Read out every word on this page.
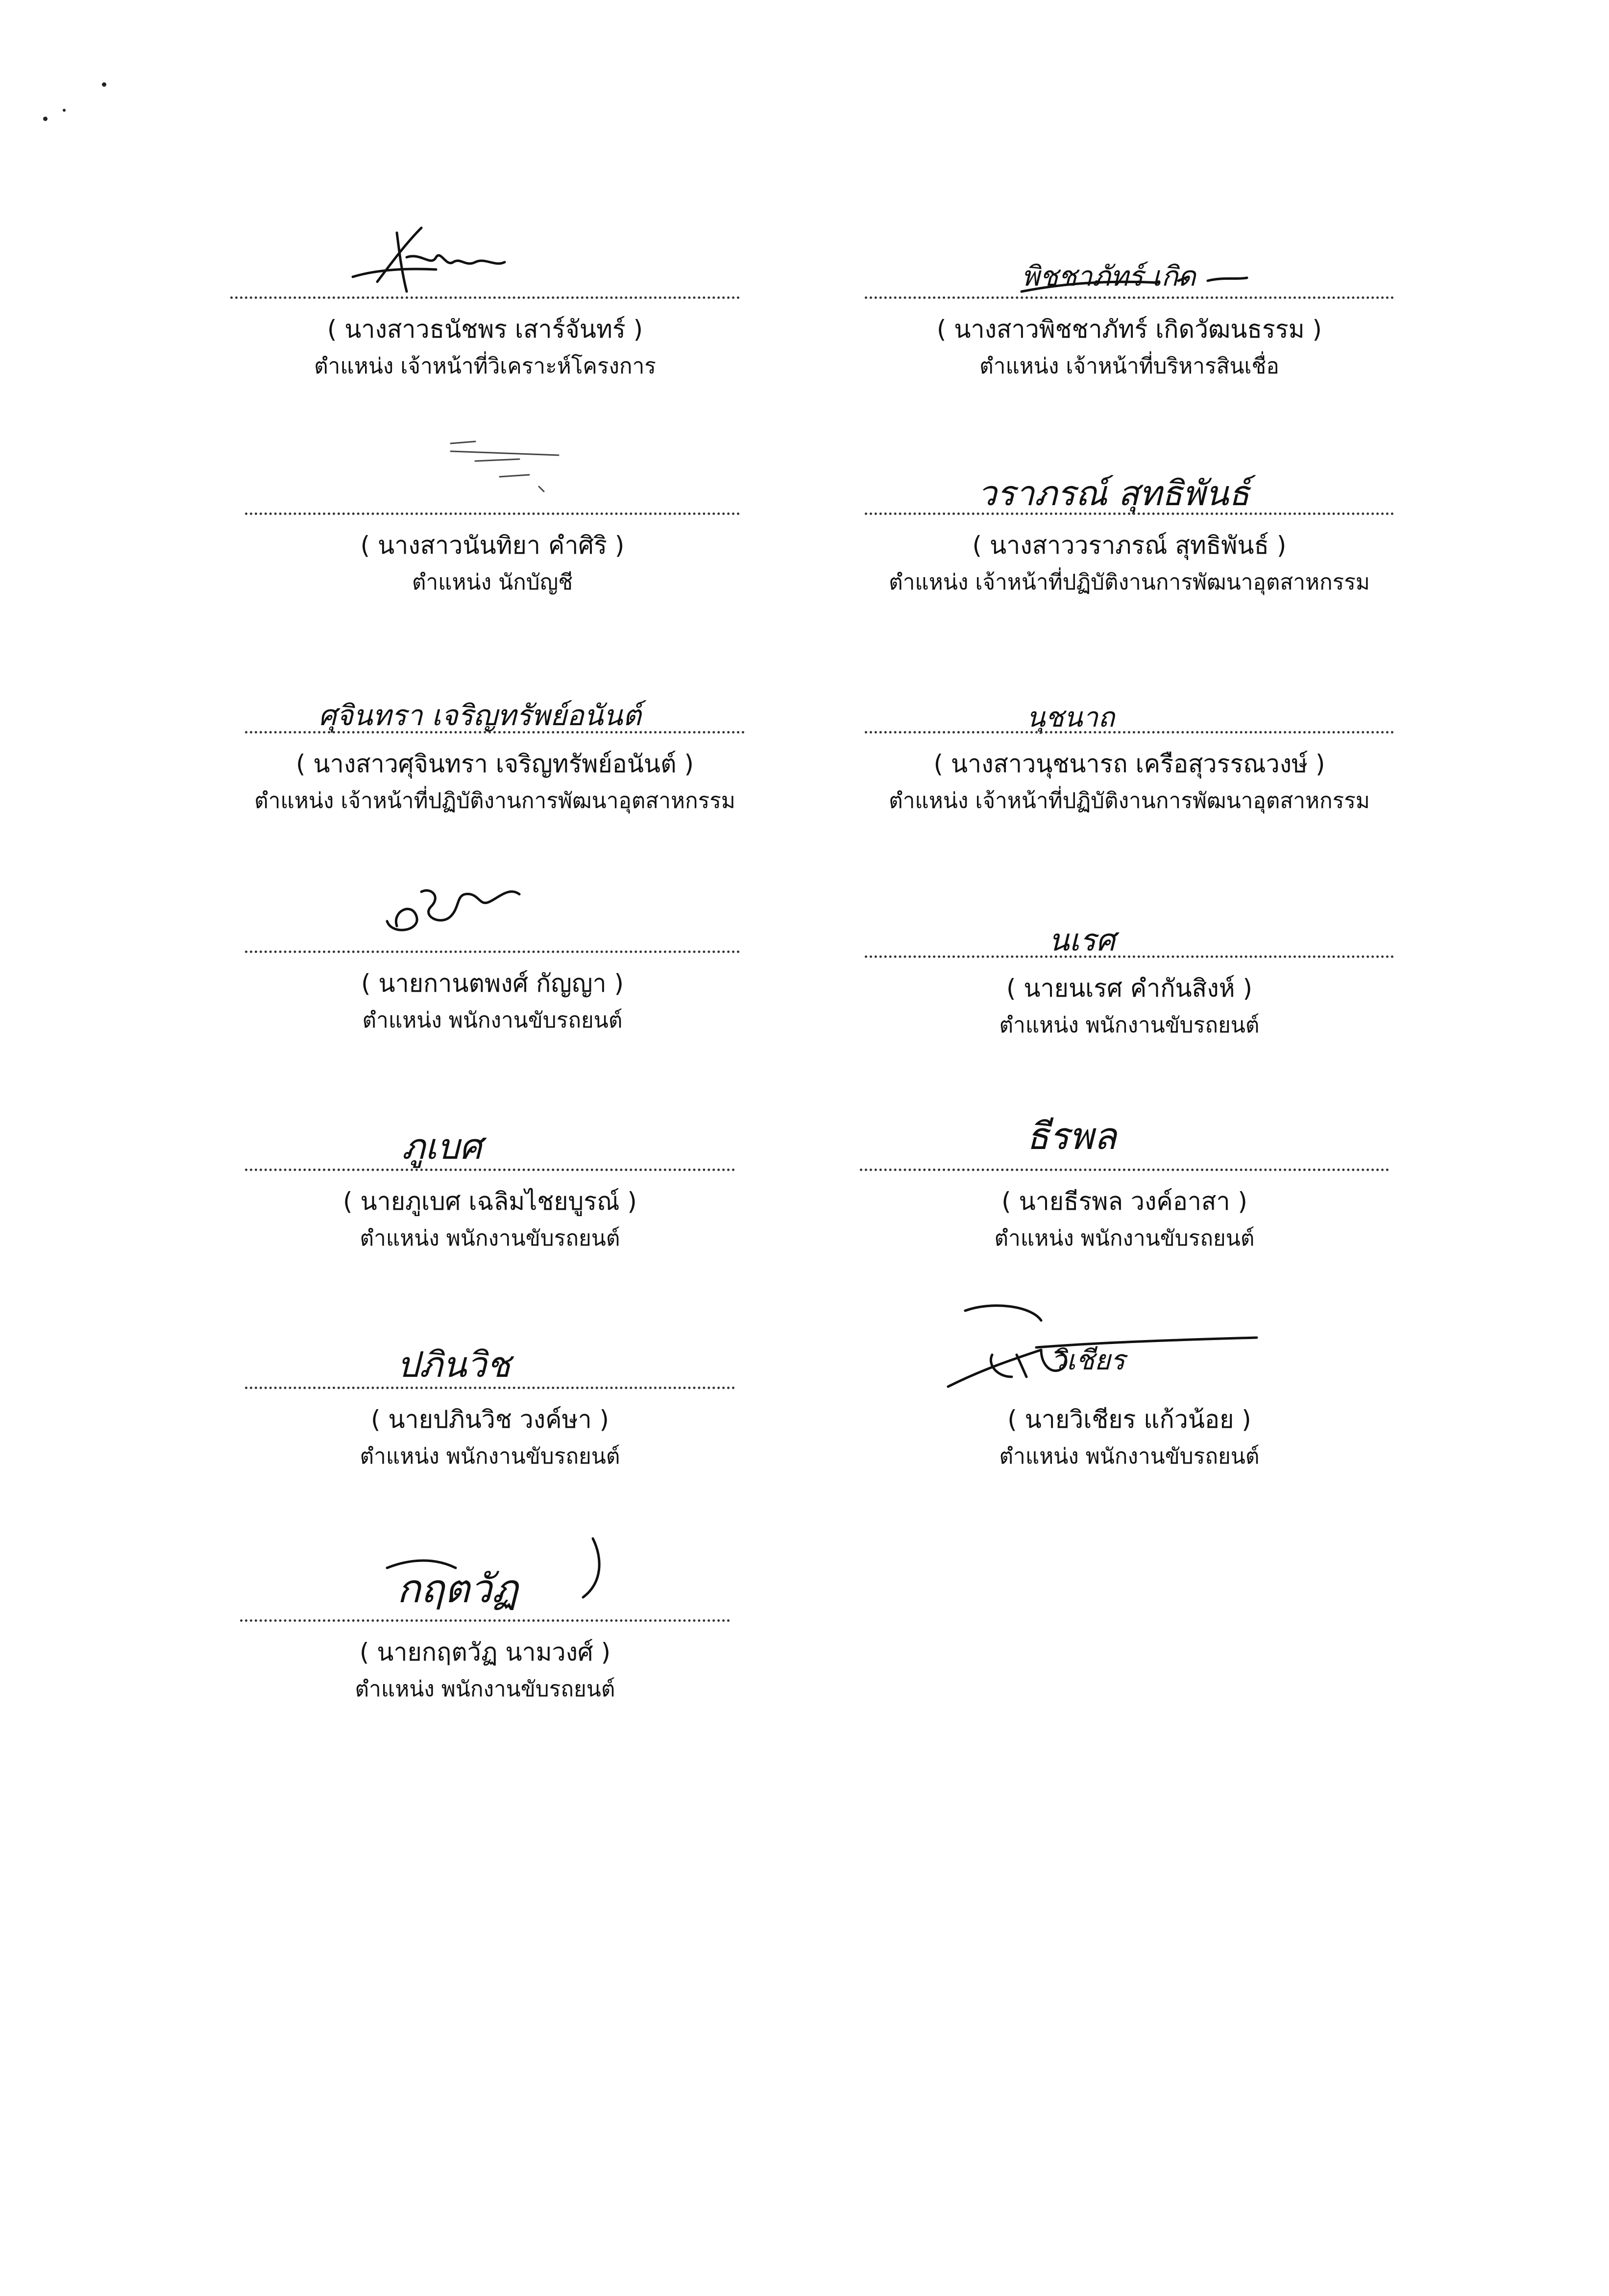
( นางสาวธนัชพร เสาร์จันทร์ )
ตำแหน่ง เจ้าหน้าที่วิเคราะห์โครงการ
พิชชาภัทร์ เกิด
( นางสาวพิชชาภัทร์ เกิดวัฒนธรรม )
ตำแหน่ง เจ้าหน้าที่บริหารสินเชื่อ
( นางสาวนันทิยา คำศิริ )
ตำแหน่ง นักบัญชี
วราภรณ์ สุทธิพันธ์
( นางสาววราภรณ์ สุทธิพันธ์ )
ตำแหน่ง เจ้าหน้าที่ปฏิบัติงานการพัฒนาอุตสาหกรรม
ศุจินทรา เจริญทรัพย์อนันต์
( นางสาวศุจินทรา เจริญทรัพย์อนันต์ )
ตำแหน่ง เจ้าหน้าที่ปฏิบัติงานการพัฒนาอุตสาหกรรม
นุชนาถ
( นางสาวนุชนารถ เครือสุวรรณวงษ์ )
ตำแหน่ง เจ้าหน้าที่ปฏิบัติงานการพัฒนาอุตสาหกรรม
( นายกานตพงศ์ กัญญา )
ตำแหน่ง พนักงานขับรถยนต์
นเรศ
( นายนเรศ คำกันสิงห์ )
ตำแหน่ง พนักงานขับรถยนต์
ภูเบศ
( นายภูเบศ เฉลิมไชยบูรณ์ )
ตำแหน่ง พนักงานขับรถยนต์
ธีรพล
( นายธีรพล วงค์อาสา )
ตำแหน่ง พนักงานขับรถยนต์
ปภินวิช
( นายปภินวิช วงค์ษา )
ตำแหน่ง พนักงานขับรถยนต์
วิเชียร
( นายวิเชียร แก้วน้อย )
ตำแหน่ง พนักงานขับรถยนต์
กฤตวัฏ
( นายกฤตวัฏ นามวงศ์ )
ตำแหน่ง พนักงานขับรถยนต์
